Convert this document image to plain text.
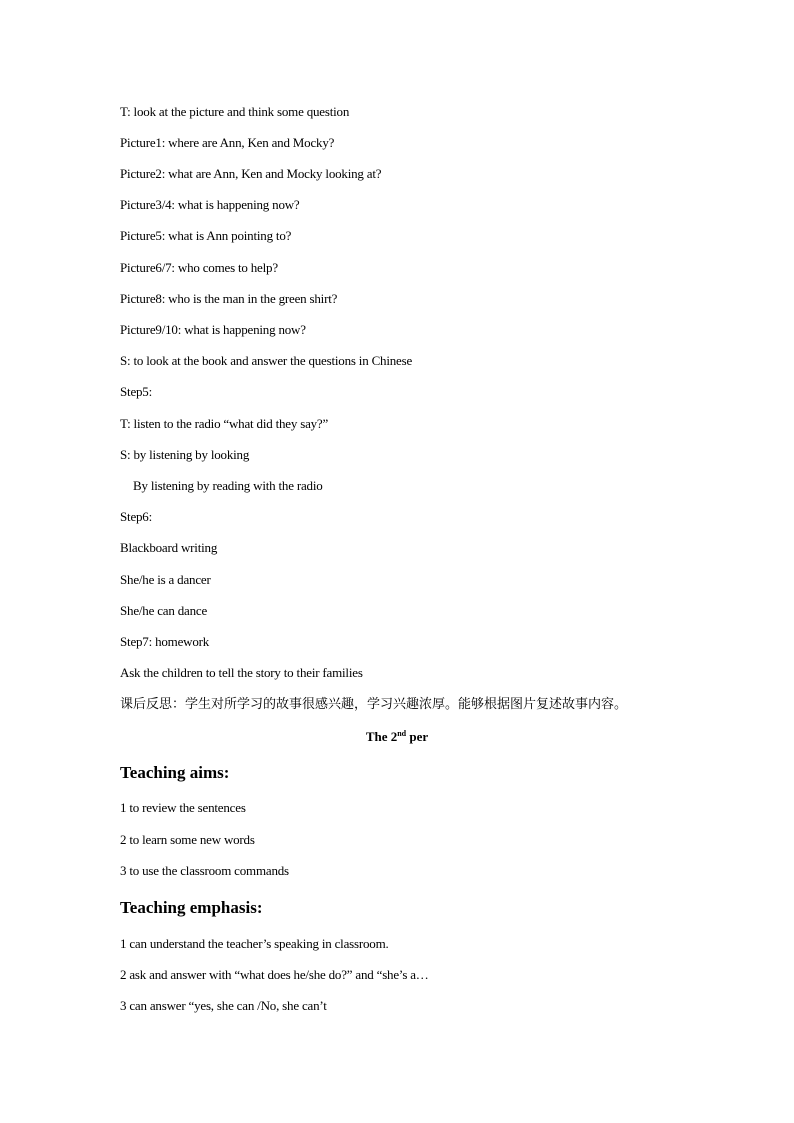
T: look at the picture and think some question
Picture1: where are Ann, Ken and Mocky?
Picture2: what are Ann, Ken and Mocky looking at?
Picture3/4: what is happening now?
Picture5: what is Ann pointing to?
Picture6/7: who comes to help?
Picture8: who is the man in the green shirt?
Picture9/10: what is happening now?
S: to look at the book and answer the questions in Chinese
Step5:
T: listen to the radio “what did they say?”
S: by listening by looking
By listening by reading with the radio
Step6:
Blackboard writing
She/he is a dancer
She/he can dance
Step7: homework
Ask the children to tell the story to their families
课后反思：学生对所学习的故事很感兴趣，学习兴趣浓厚。能够根据图片复述故事内容。
The 2nd per
Teaching aims:
1 to review the sentences
2 to learn some new words
3 to use the classroom commands
Teaching emphasis:
1 can understand the teacher’s speaking in classroom.
2 ask and answer with “what does he/she do?” and “she’s a…
3 can answer “yes, she can /No, she can’t
